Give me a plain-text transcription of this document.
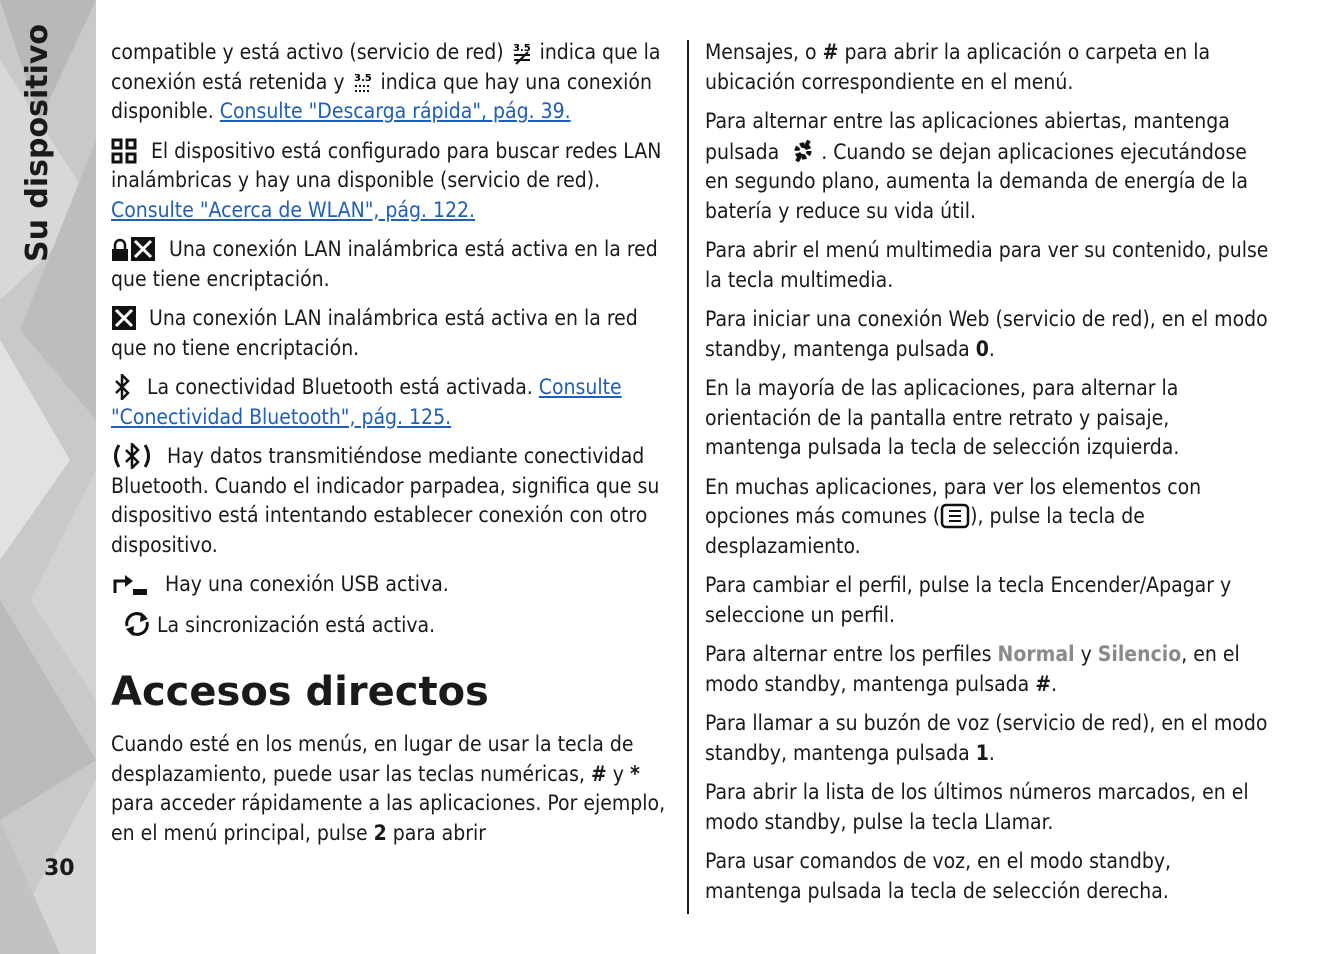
Su dispositivo
30

compatible y está activo (servicio de red) 3.5 indica que la conexión está retenida y 3.5 indica que hay una conexión disponible. Consulte "Descarga rápida", pág. 39.

El dispositivo está configurado para buscar redes LAN inalámbricas y hay una disponible (servicio de red). Consulte "Acerca de WLAN", pág. 122.

Una conexión LAN inalámbrica está activa en la red que tiene encriptación.

Una conexión LAN inalámbrica está activa en la red que no tiene encriptación.

La conectividad Bluetooth está activada. Consulte "Conectividad Bluetooth", pág. 125.

Hay datos transmitiéndose mediante conectividad Bluetooth. Cuando el indicador parpadea, significa que su dispositivo está intentando establecer conexión con otro dispositivo.

Hay una conexión USB activa.

La sincronización está activa.

Accesos directos

Cuando esté en los menús, en lugar de usar la tecla de desplazamiento, puede usar las teclas numéricas, # y * para acceder rápidamente a las aplicaciones. Por ejemplo, en el menú principal, pulse 2 para abrir

Mensajes, o # para abrir la aplicación o carpeta en la ubicación correspondiente en el menú.

Para alternar entre las aplicaciones abiertas, mantenga pulsada . Cuando se dejan aplicaciones ejecutándose en segundo plano, aumenta la demanda de energía de la batería y reduce su vida útil.

Para abrir el menú multimedia para ver su contenido, pulse la tecla multimedia.

Para iniciar una conexión Web (servicio de red), en el modo standby, mantenga pulsada 0.

En la mayoría de las aplicaciones, para alternar la orientación de la pantalla entre retrato y paisaje, mantenga pulsada la tecla de selección izquierda.

En muchas aplicaciones, para ver los elementos con opciones más comunes ( ), pulse la tecla de desplazamiento.

Para cambiar el perfil, pulse la tecla Encender/Apagar y seleccione un perfil.

Para alternar entre los perfiles Normal y Silencio, en el modo standby, mantenga pulsada #.

Para llamar a su buzón de voz (servicio de red), en el modo standby, mantenga pulsada 1.

Para abrir la lista de los últimos números marcados, en el modo standby, pulse la tecla Llamar.

Para usar comandos de voz, en el modo standby, mantenga pulsada la tecla de selección derecha.
